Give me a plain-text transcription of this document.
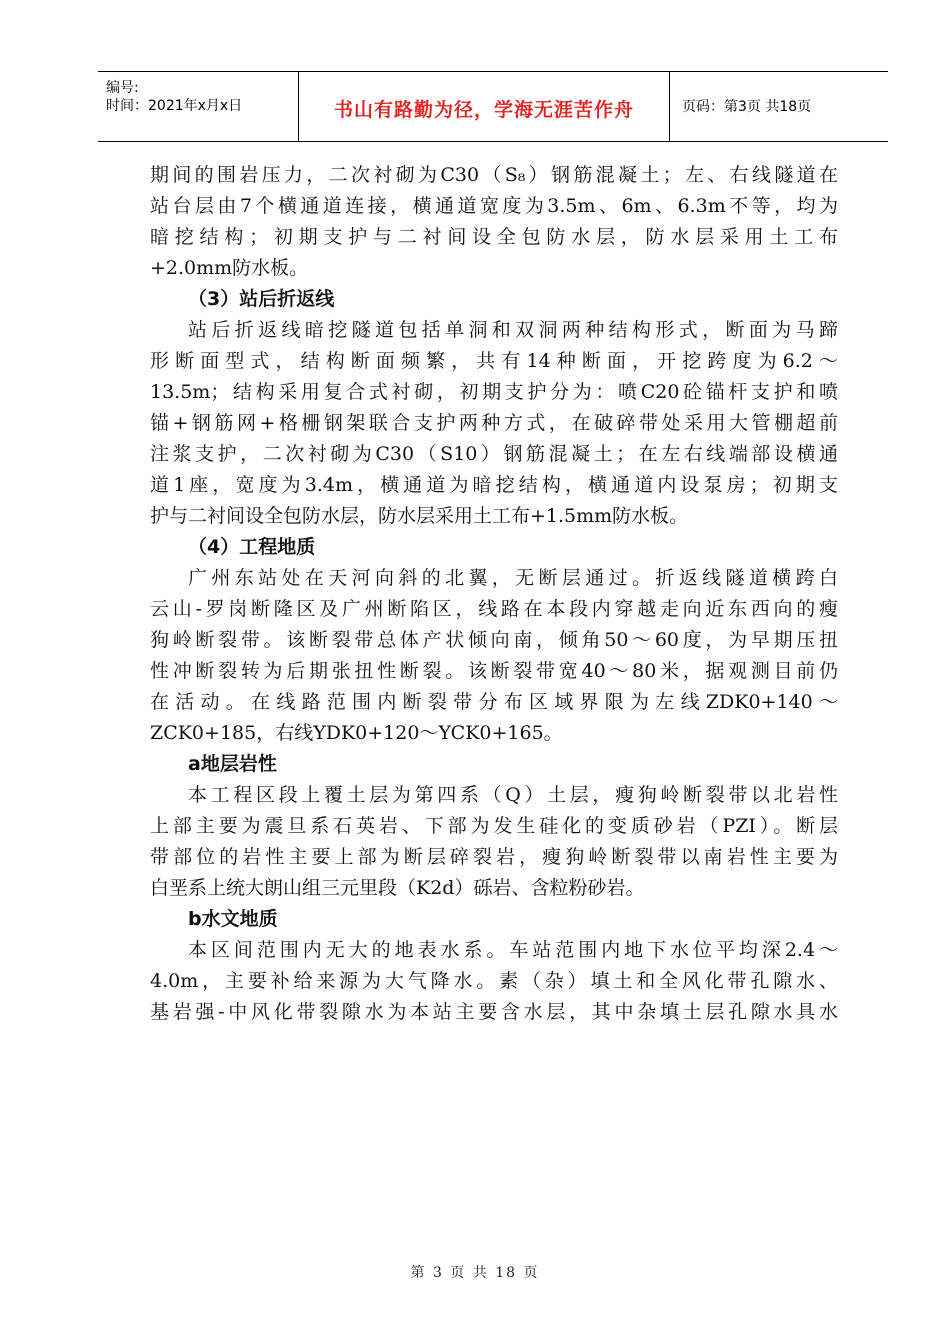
编号:
时间：2021年x月x日	书山有路勤为径，学海无涯苦作舟	页码：第3页 共18页
期间的围岩压力，二次衬砌为C30（S₈）钢筋混凝土；左、右线隧道在
站台层由7个横通道连接，横通道宽度为3.5m、6m、6.3m不等，均为
暗挖结构；初期支护与二衬间设全包防水层，防水层采用土工布
+2.0mm防水板。
（3）站后折返线
站后折返线暗挖隧道包括单洞和双洞两种结构形式，断面为马蹄
形断面型式，结构断面频繁，共有14种断面，开挖跨度为6.2～
13.5m；结构采用复合式衬砌，初期支护分为：喷C20砼锚杆支护和喷
锚+钢筋网+格栅钢架联合支护两种方式，在破碎带处采用大管棚超前
注浆支护，二次衬砌为C30（S10）钢筋混凝土；在左右线端部设横通
道1座，宽度为3.4m，横通道为暗挖结构，横通道内设泵房；初期支
护与二衬间设全包防水层，防水层采用土工布+1.5mm防水板。
（4）工程地质
广州东站处在天河向斜的北翼，无断层通过。折返线隧道横跨白
云山-罗岗断隆区及广州断陷区，线路在本段内穿越走向近东西向的瘦
狗岭断裂带。该断裂带总体产状倾向南，倾角50～60度，为早期压扭
性冲断裂转为后期张扭性断裂。该断裂带宽40～80米，据观测目前仍
在活动。在线路范围内断裂带分布区域界限为左线ZDK0+140～
ZCK0+185，右线YDK0+120～YCK0+165。
a地层岩性
本工程区段上覆土层为第四系（Q）土层，瘦狗岭断裂带以北岩性
上部主要为震旦系石英岩、下部为发生硅化的变质砂岩（PZI）。断层
带部位的岩性主要上部为断层碎裂岩，瘦狗岭断裂带以南岩性主要为
白垩系上统大朗山组三元里段（K2d）砾岩、含粒粉砂岩。
b水文地质
本区间范围内无大的地表水系。车站范围内地下水位平均深2.4～
4.0m，主要补给来源为大气降水。素（杂）填土和全风化带孔隙水、
基岩强-中风化带裂隙水为本站主要含水层，其中杂填土层孔隙水具水
第 3 页 共 18 页
